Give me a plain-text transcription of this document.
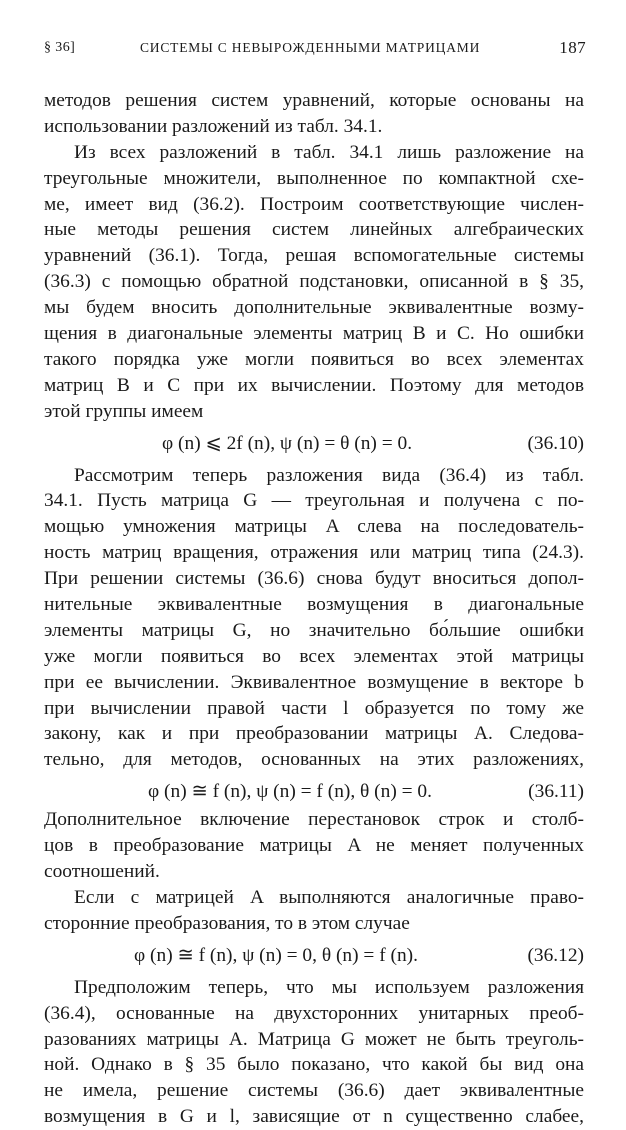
§ 36]	СИСТЕМЫ С НЕВЫРОЖДЕННЫМИ МАТРИЦАМИ	187
методов решения систем уравнений, которые основаны на
использовании разложений из табл. 34.1.
Из всех разложений в табл. 34.1 лишь разложение на
треугольные множители, выполненное по компактной схе-
ме, имеет вид (36.2). Построим соответствующие числен-
ные методы решения систем линейных алгебраических
уравнений (36.1). Тогда, решая вспомогательные системы
(36.3) с помощью обратной подстановки, описанной в § 35,
мы будем вносить дополнительные эквивалентные возму-
щения в диагональные элементы матриц B и C. Но ошибки
такого порядка уже могли появиться во всех элементах
матриц B и C при их вычислении. Поэтому для методов
этой группы имеем
φ (n) ⩽ 2f (n), ψ (n) = θ (n) = 0.	(36.10)
Рассмотрим теперь разложения вида (36.4) из табл.
34.1. Пусть матрица G — треугольная и получена с по-
мощью умножения матрицы A слева на последователь-
ность матриц вращения, отражения или матриц типа (24.3).
При решении системы (36.6) снова будут вноситься допол-
нительные эквивалентные возмущения в диагональные
элементы матрицы G, но значительно бо́льшие ошибки
уже могли появиться во всех элементах этой матрицы
при ее вычислении. Эквивалентное возмущение в векторе b
при вычислении правой части l образуется по тому же
закону, как и при преобразовании матрицы A. Следова-
тельно, для методов, основанных на этих разложениях,
φ (n) ≅ f (n), ψ (n) = f (n), θ (n) = 0.	(36.11)
Дополнительное включение перестановок строк и столб-
цов в преобразование матрицы A не меняет полученных
соотношений.
Если с матрицей A выполняются аналогичные право-
сторонние преобразования, то в этом случае
φ (n) ≅ f (n), ψ (n) = 0, θ (n) = f (n).	(36.12)
Предположим теперь, что мы используем разложения
(36.4), основанные на двухсторонних унитарных преоб-
разованиях матрицы A. Матрица G может не быть треуголь-
ной. Однако в § 35 было показано, что какой бы вид она
не имела, решение системы (36.6) дает эквивалентные
возмущения в G и l, зависящие от n существенно слабее,
